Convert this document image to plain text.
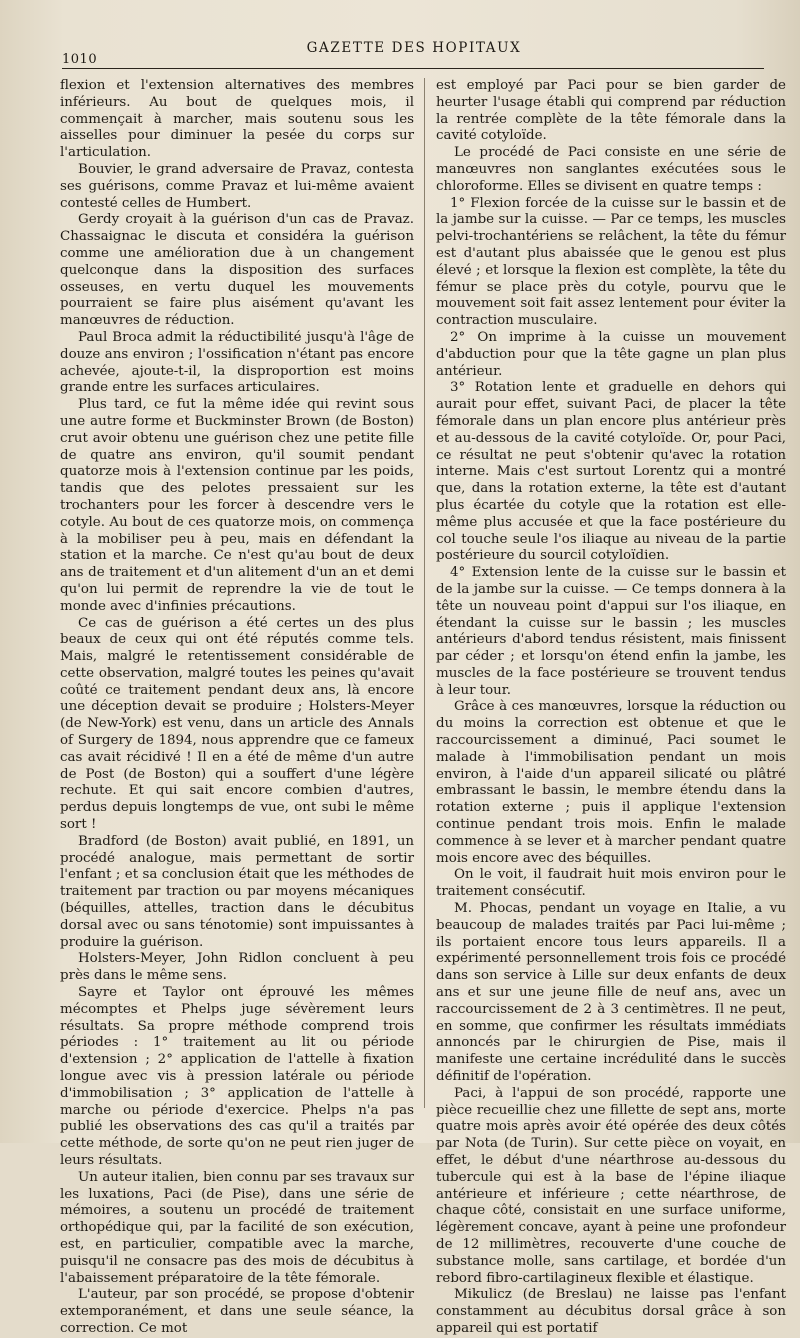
1010
GAZETTE DES HOPITAUX

flexion et l'extension alternatives des membres inférieurs. Au bout de quelques mois, il commençait à marcher, mais soutenu sous les aisselles pour diminuer la pesée du corps sur l'articulation.

Bouvier, le grand adversaire de Pravaz, contesta ses guérisons, comme Pravaz et lui-même avaient contesté celles de Humbert.

Gerdy croyait à la guérison d'un cas de Pravaz. Chassaignac le discuta et considéra la guérison comme une amélioration due à un changement quelconque dans la disposition des surfaces osseuses, en vertu duquel les mouvements pourraient se faire plus aisément qu'avant les manœuvres de réduction.

Paul Broca admit la réductibilité jusqu'à l'âge de douze ans environ ; l'ossification n'étant pas encore achevée, ajoute-t-il, la disproportion est moins grande entre les surfaces articulaires.

Plus tard, ce fut la même idée qui revint sous une autre forme et Buckminster Brown (de Boston) crut avoir obtenu une guérison chez une petite fille de quatre ans environ, qu'il soumit pendant quatorze mois à l'extension continue par les poids, tandis que des pelotes pressaient sur les trochanters pour les forcer à descendre vers le cotyle. Au bout de ces quatorze mois, on commença à la mobiliser peu à peu, mais en défendant la station et la marche. Ce n'est qu'au bout de deux ans de traitement et d'un alitement d'un an et demi qu'on lui permit de reprendre la vie de tout le monde avec d'infinies précautions.

Ce cas de guérison a été certes un des plus beaux de ceux qui ont été réputés comme tels. Mais, malgré le retentissement considérable de cette observation, malgré toutes les peines qu'avait coûté ce traitement pendant deux ans, là encore une déception devait se produire ; Holsters-Meyer (de New-York) est venu, dans un article des Annals of Surgery de 1894, nous apprendre que ce fameux cas avait récidivé ! Il en a été de même d'un autre de Post (de Boston) qui a souffert d'une légère rechute. Et qui sait encore combien d'autres, perdus depuis longtemps de vue, ont subi le même sort !

Bradford (de Boston) avait publié, en 1891, un procédé analogue, mais permettant de sortir l'enfant ; et sa conclusion était que les méthodes de traitement par traction ou par moyens mécaniques (béquilles, attelles, traction dans le décubitus dorsal avec ou sans ténotomie) sont impuissantes à produire la guérison.

Holsters-Meyer, John Ridlon concluent à peu près dans le même sens.

Sayre et Taylor ont éprouvé les mêmes mécomptes et Phelps juge sévèrement leurs résultats. Sa propre méthode comprend trois périodes : 1° traitement au lit ou période d'extension ; 2° application de l'attelle à fixation longue avec vis à pression latérale ou période d'immobilisation ; 3° application de l'attelle à marche ou période d'exercice. Phelps n'a pas publié les observations des cas qu'il a traités par cette méthode, de sorte qu'on ne peut rien juger de leurs résultats.

Un auteur italien, bien connu par ses travaux sur les luxations, Paci (de Pise), dans une série de mémoires, a soutenu un procédé de traitement orthopédique qui, par la facilité de son exécution, est, en particulier, compatible avec la marche, puisqu'il ne consacre pas des mois de décubitus à l'abaissement préparatoire de la tête fémorale.

L'auteur, par son procédé, se propose d'obtenir extemporanément, et dans une seule séance, la correction. Ce mot

est employé par Paci pour se bien garder de heurter l'usage établi qui comprend par réduction la rentrée complète de la tête fémorale dans la cavité cotyloïde.

Le procédé de Paci consiste en une série de manœuvres non sanglantes exécutées sous le chloroforme. Elles se divisent en quatre temps :

1° Flexion forcée de la cuisse sur le bassin et de la jambe sur la cuisse. — Par ce temps, les muscles pelvi-trochantériens se relâchent, la tête du fémur est d'autant plus abaissée que le genou est plus élevé ; et lorsque la flexion est complète, la tête du fémur se place près du cotyle, pourvu que le mouvement soit fait assez lentement pour éviter la contraction musculaire.

2° On imprime à la cuisse un mouvement d'abduction pour que la tête gagne un plan plus antérieur.

3° Rotation lente et graduelle en dehors qui aurait pour effet, suivant Paci, de placer la tête fémorale dans un plan encore plus antérieur près et au-dessous de la cavité cotyloïde. Or, pour Paci, ce résultat ne peut s'obtenir qu'avec la rotation interne. Mais c'est surtout Lorentz qui a montré que, dans la rotation externe, la tête est d'autant plus écartée du cotyle que la rotation est elle-même plus accusée et que la face postérieure du col touche seule l'os iliaque au niveau de la partie postérieure du sourcil cotyloïdien.

4° Extension lente de la cuisse sur le bassin et de la jambe sur la cuisse. — Ce temps donnera à la tête un nouveau point d'appui sur l'os iliaque, en étendant la cuisse sur le bassin ; les muscles antérieurs d'abord tendus résistent, mais finissent par céder ; et lorsqu'on étend enfin la jambe, les muscles de la face postérieure se trouvent tendus à leur tour.

Grâce à ces manœuvres, lorsque la réduction ou du moins la correction est obtenue et que le raccourcissement a diminué, Paci soumet le malade à l'immobilisation pendant un mois environ, à l'aide d'un appareil silicaté ou plâtré embrassant le bassin, le membre étendu dans la rotation externe ; puis il applique l'extension continue pendant trois mois. Enfin le malade commence à se lever et à marcher pendant quatre mois encore avec des béquilles.

On le voit, il faudrait huit mois environ pour le traitement consécutif.

M. Phocas, pendant un voyage en Italie, a vu beaucoup de malades traités par Paci lui-même ; ils portaient encore tous leurs appareils. Il a expérimenté personnellement trois fois ce procédé dans son service à Lille sur deux enfants de deux ans et sur une jeune fille de neuf ans, avec un raccourcissement de 2 à 3 centimètres. Il ne peut, en somme, que confirmer les résultats immédiats annoncés par le chirurgien de Pise, mais il manifeste une certaine incrédulité dans le succès définitif de l'opération.

Paci, à l'appui de son procédé, rapporte une pièce recueillie chez une fillette de sept ans, morte quatre mois après avoir été opérée des deux côtés par Nota (de Turin). Sur cette pièce on voyait, en effet, le début d'une néarthrose au-dessous du tubercule qui est à la base de l'épine iliaque antérieure et inférieure ; cette néarthrose, de chaque côté, consistait en une surface uniforme, légèrement concave, ayant à peine une profondeur de 12 millimètres, recouverte d'une couche de substance molle, sans cartilage, et bordée d'un rebord fibro-cartilagineux flexible et élastique.

Mikulicz (de Breslau) ne laisse pas l'enfant constamment au décubitus dorsal grâce à son appareil qui est portatif
